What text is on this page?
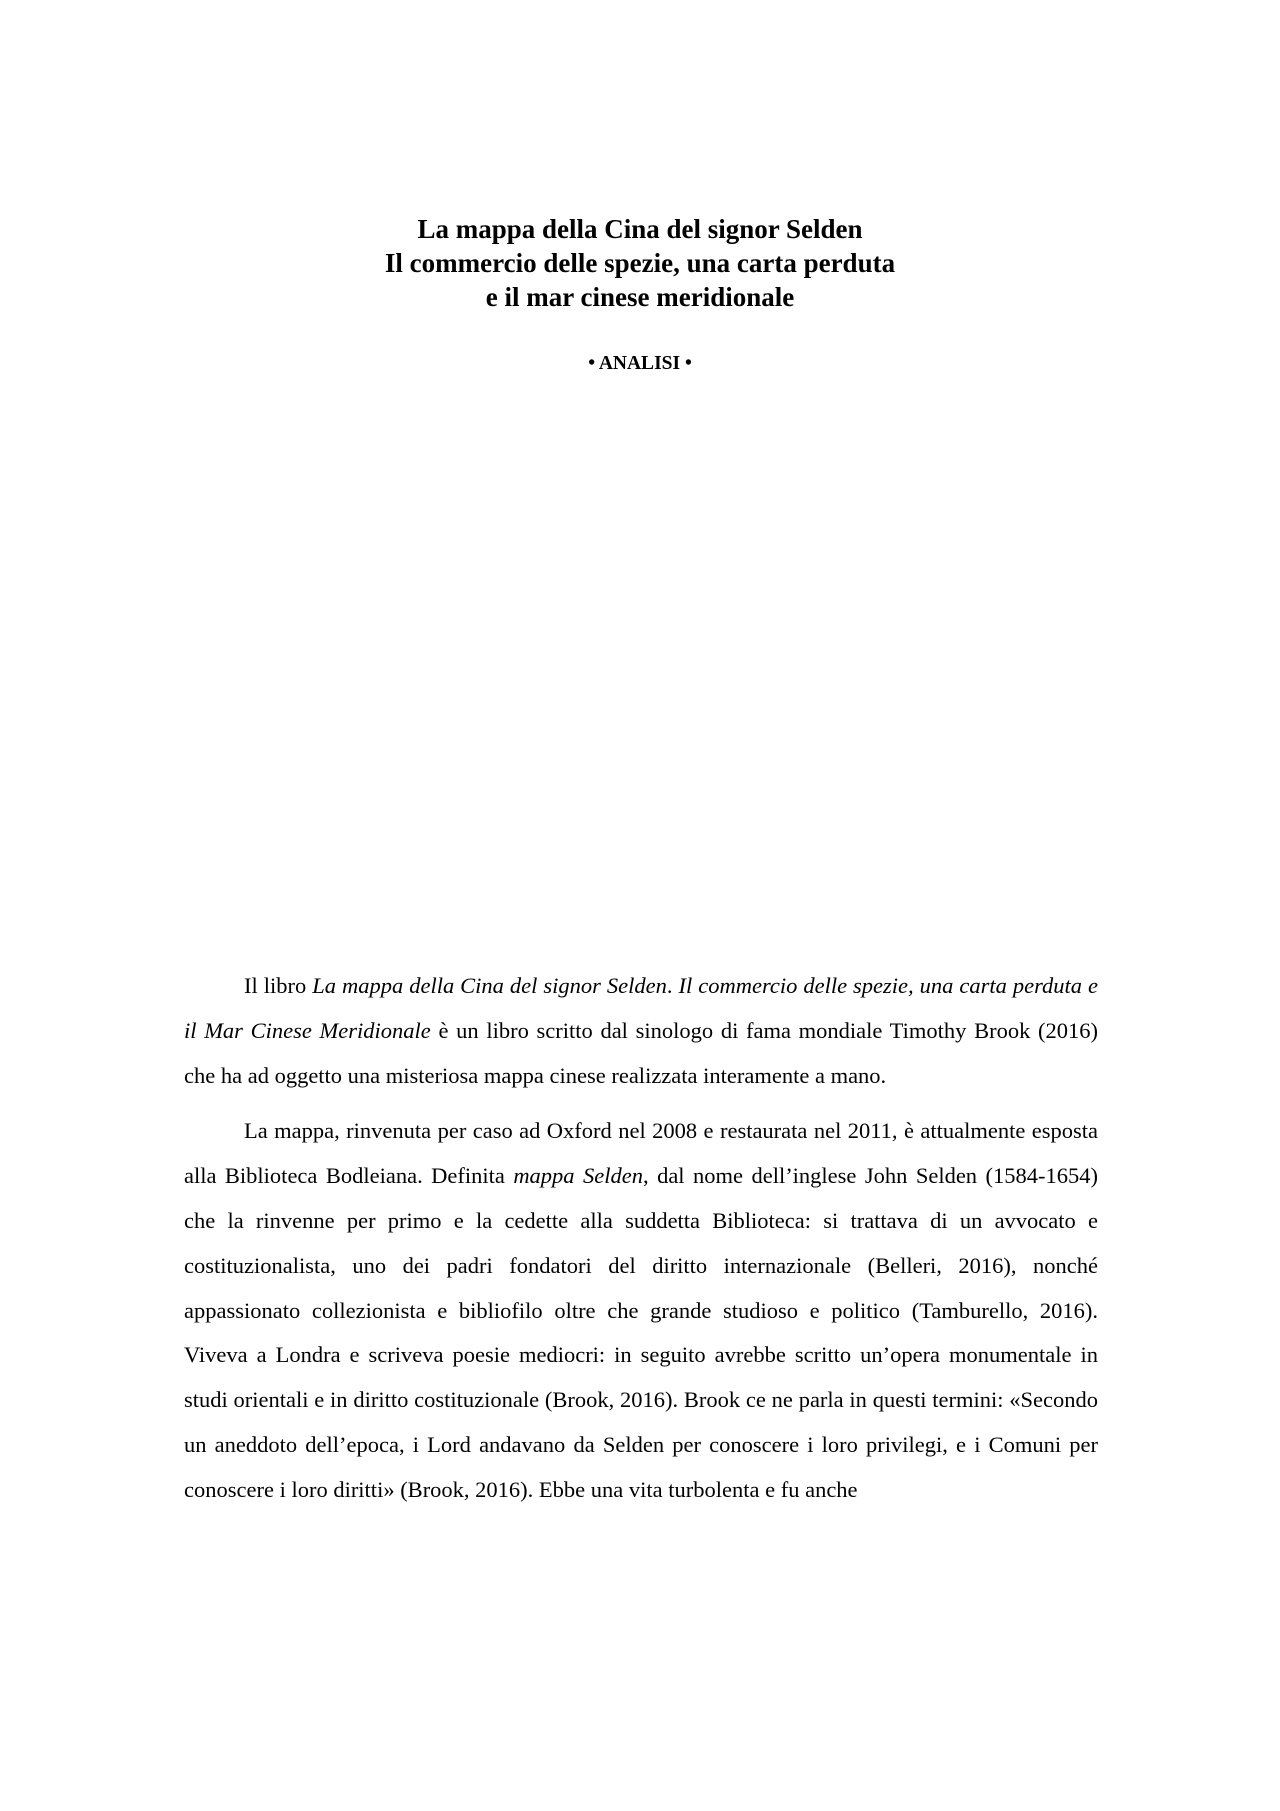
La mappa della Cina del signor Selden

Il commercio delle spezie, una carta perduta

e il mar cinese meridionale

• ANALISI •

Il libro La mappa della Cina del signor Selden. Il commercio delle spezie, una carta perduta e il Mar Cinese Meridionale è un libro scritto dal sinologo di fama mondiale Timothy Brook (2016) che ha ad oggetto una misteriosa mappa cinese realizzata interamente a mano.

La mappa, rinvenuta per caso ad Oxford nel 2008 e restaurata nel 2011, è attualmente esposta alla Biblioteca Bodleiana. Definita mappa Selden, dal nome dell’inglese John Selden (1584-1654) che la rinvenne per primo e la cedette alla suddetta Biblioteca: si trattava di un avvocato e costituzionalista, uno dei padri fondatori del diritto internazionale (Belleri, 2016), nonché appassionato collezionista e bibliofilo oltre che grande studioso e politico (Tamburello, 2016). Viveva a Londra e scriveva poesie mediocri: in seguito avrebbe scritto un’opera monumentale in studi orientali e in diritto costituzionale (Brook, 2016). Brook ce ne parla in questi termini: «Secondo un aneddoto dell’epoca, i Lord andavano da Selden per conoscere i loro privilegi, e i Comuni per conoscere i loro diritti» (Brook, 2016). Ebbe una vita turbolenta e fu anche
